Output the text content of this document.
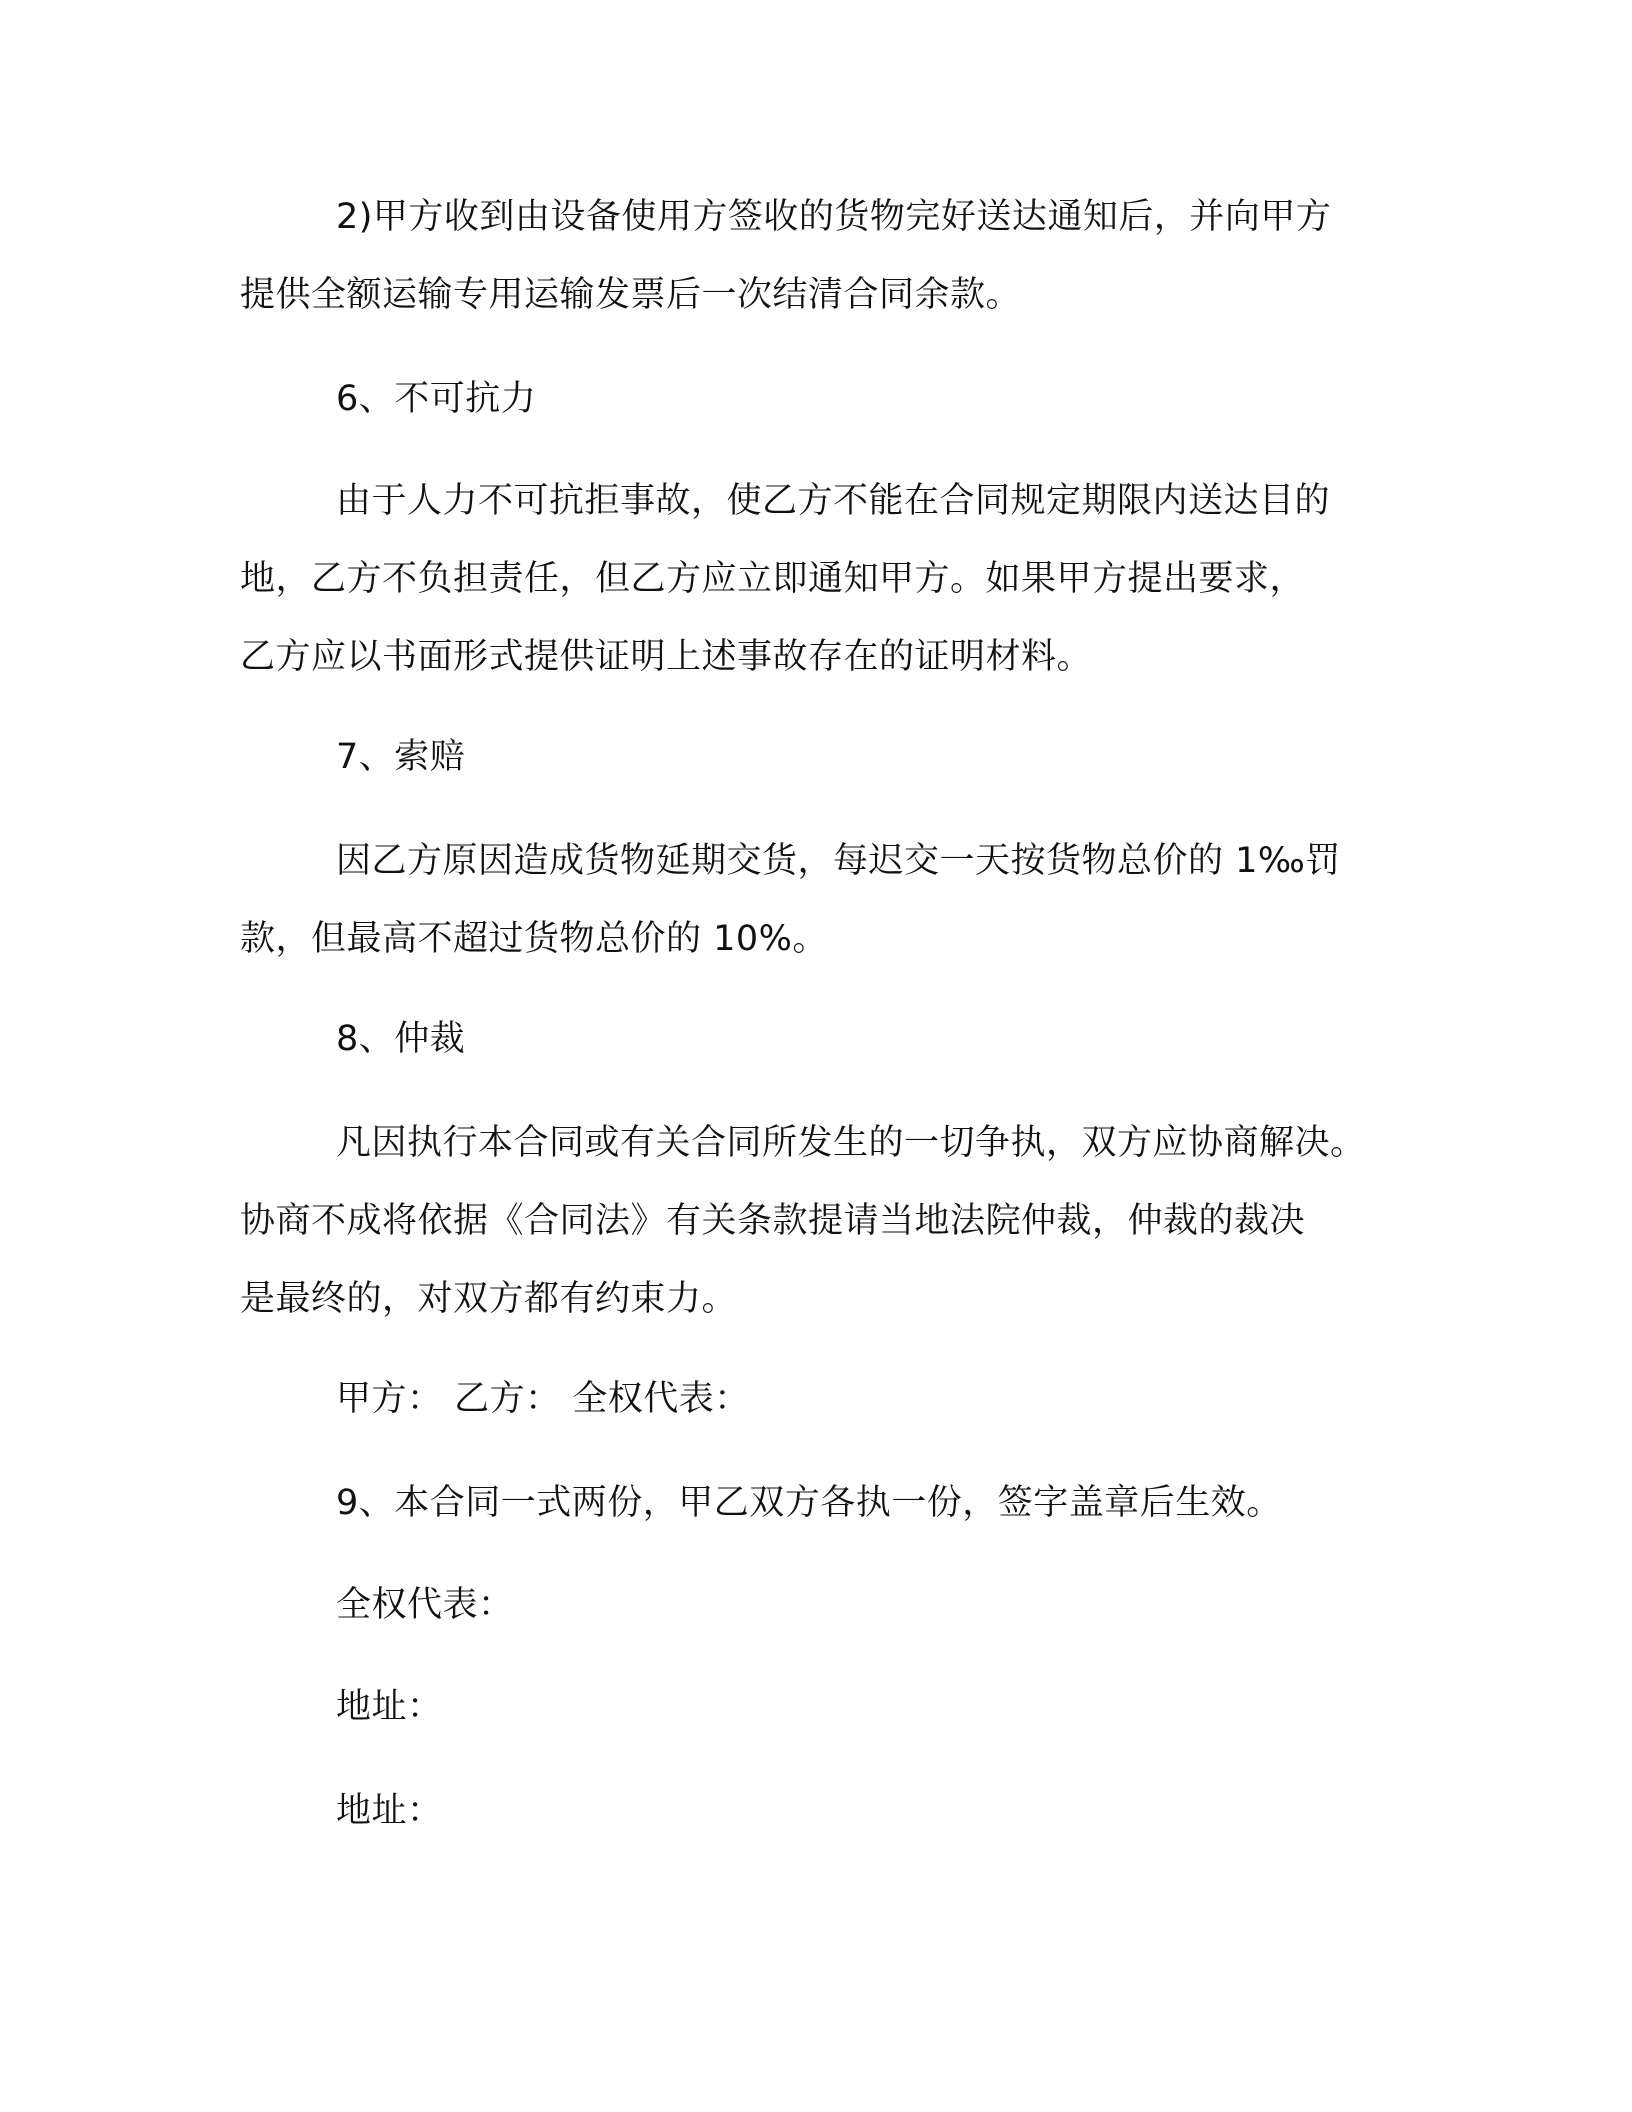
2)甲方收到由设备使用方签收的货物完好送达通知后，并向甲方
提供全额运输专用运输发票后一次结清合同余款。
6、不可抗力
由于人力不可抗拒事故，使乙方不能在合同规定期限内送达目的
地，乙方不负担责任，但乙方应立即通知甲方。如果甲方提出要求，
乙方应以书面形式提供证明上述事故存在的证明材料。
7、索赔
因乙方原因造成货物延期交货，每迟交一天按货物总价的 1‰罚
款，但最高不超过货物总价的 10%。
8、仲裁
凡因执行本合同或有关合同所发生的一切争执，双方应协商解决。
协商不成将依据《合同法》有关条款提请当地法院仲裁，仲裁的裁决
是最终的，对双方都有约束力。
甲方： 乙方： 全权代表：
9、本合同一式两份，甲乙双方各执一份，签字盖章后生效。
全权代表：
地址：
地址：
